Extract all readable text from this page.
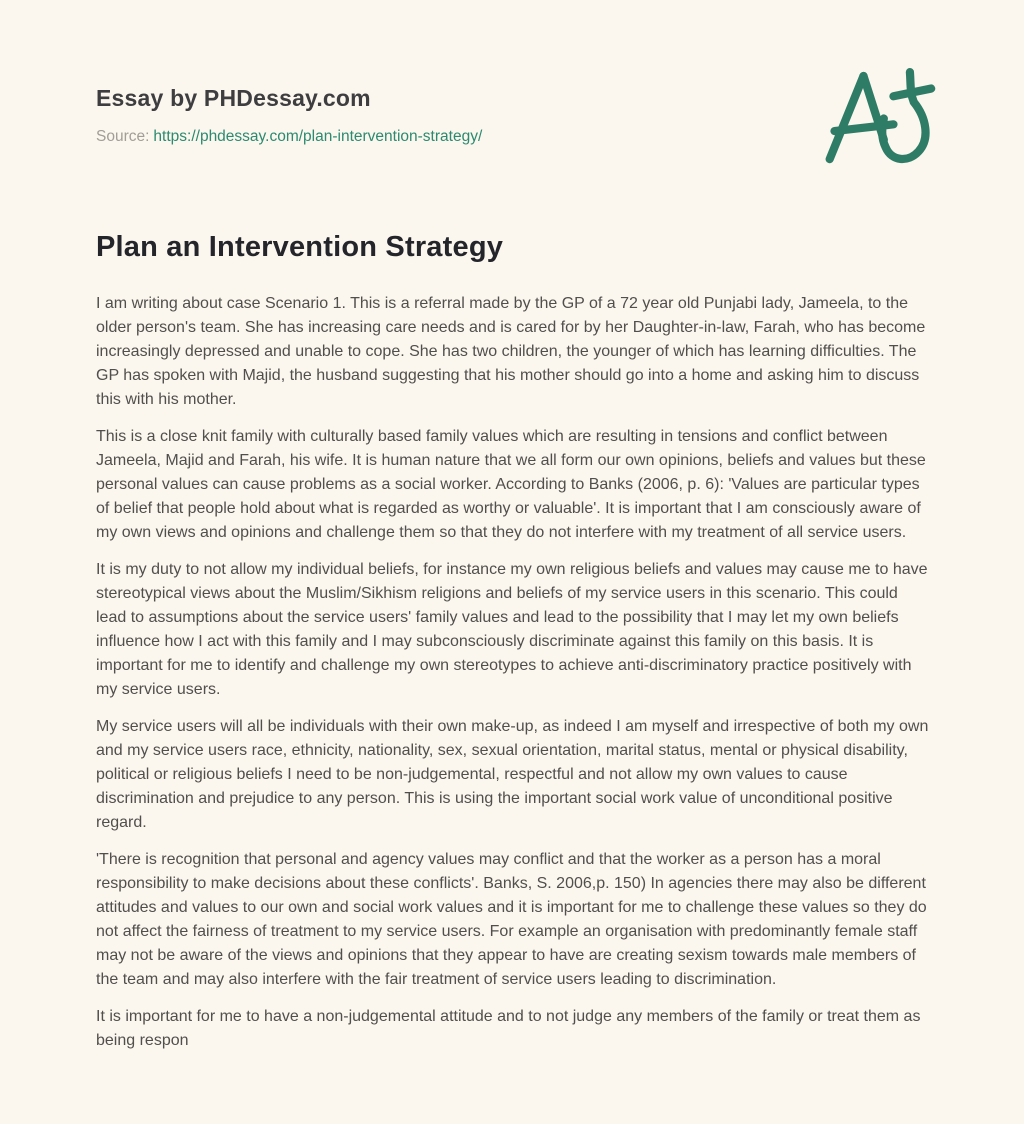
Essay by PHDessay.com
Source: https://phdessay.com/plan-intervention-strategy/
Plan an Intervention Strategy

I am writing about case Scenario 1. This is a referral made by the GP of a 72 year old Punjabi lady, Jameela, to the older person's team. She has increasing care needs and is cared for by her Daughter-in-law, Farah, who has become increasingly depressed and unable to cope. She has two children, the younger of which has learning difficulties. The GP has spoken with Majid, the husband suggesting that his mother should go into a home and asking him to discuss this with his mother.

This is a close knit family with culturally based family values which are resulting in tensions and conflict between Jameela, Majid and Farah, his wife. It is human nature that we all form our own opinions, beliefs and values but these personal values can cause problems as a social worker. According to Banks (2006, p. 6): 'Values are particular types of belief that people hold about what is regarded as worthy or valuable'. It is important that I am consciously aware of my own views and opinions and challenge them so that they do not interfere with my treatment of all service users.

It is my duty to not allow my individual beliefs, for instance my own religious beliefs and values may cause me to have stereotypical views about the Muslim/Sikhism religions and beliefs of my service users in this scenario. This could lead to assumptions about the service users' family values and lead to the possibility that I may let my own beliefs influence how I act with this family and I may subconsciously discriminate against this family on this basis. It is important for me to identify and challenge my own stereotypes to achieve anti-discriminatory practice positively with my service users.

My service users will all be individuals with their own make-up, as indeed I am myself and irrespective of both my own and my service users race, ethnicity, nationality, sex, sexual orientation, marital status, mental or physical disability, political or religious beliefs I need to be non-judgemental, respectful and not allow my own values to cause discrimination and prejudice to any person. This is using the important social work value of unconditional positive regard.

'There is recognition that personal and agency values may conflict and that the worker as a person has a moral responsibility to make decisions about these conflicts'. Banks, S. 2006,p. 150) In agencies there may also be different attitudes and values to our own and social work values and it is important for me to challenge these values so they do not affect the fairness of treatment to my service users. For example an organisation with predominantly female staff may not be aware of the views and opinions that they appear to have are creating sexism towards male members of the team and may also interfere with the fair treatment of service users leading to discrimination.

It is important for me to have a non-judgemental attitude and to not judge any members of the family or treat them as being respon
